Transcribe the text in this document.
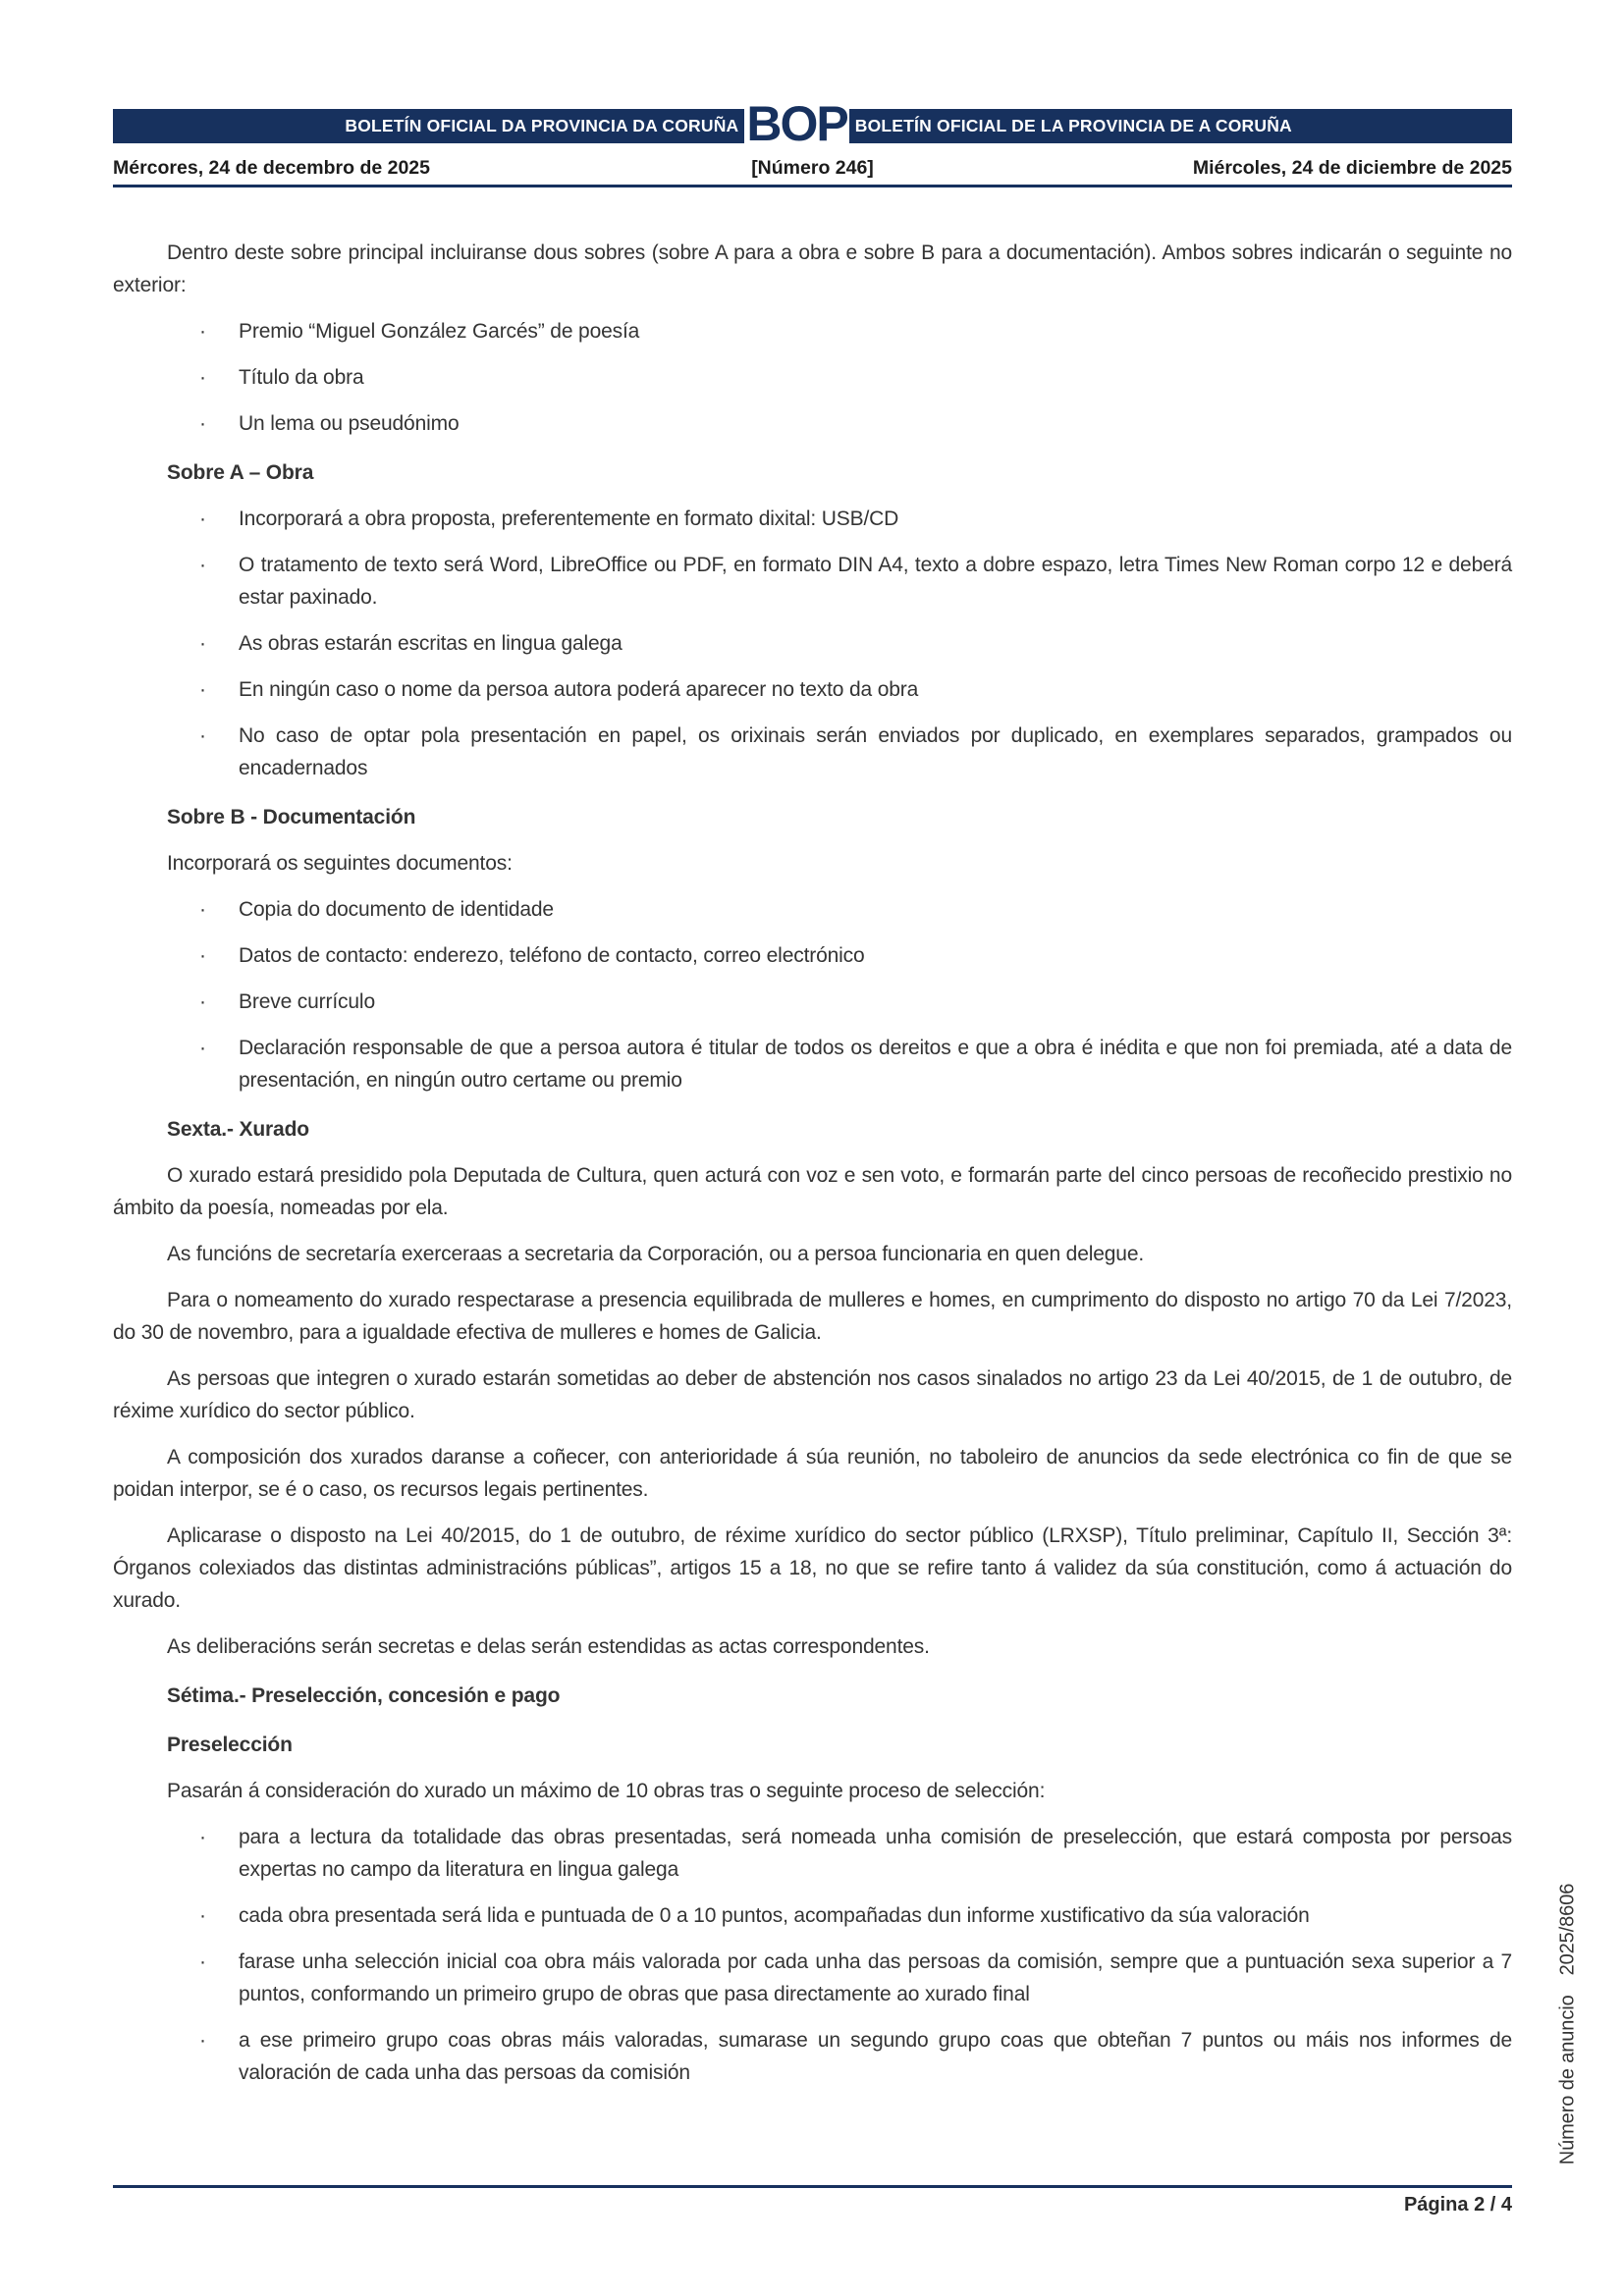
BOLETÍN OFICIAL DA PROVINCIA DA CORUÑA BOP BOLETÍN OFICIAL DE LA PROVINCIA DE A CORUÑA
Mércores, 24 de decembro de 2025	[Número 246]	Miércoles, 24 de diciembre de 2025

Dentro deste sobre principal incluiranse dous sobres (sobre A para a obra e sobre B para a documentación). Ambos sobres indicarán o seguinte no exterior:

·	Premio “Miguel González Garcés” de poesía
·	Título da obra
·	Un lema ou pseudónimo

Sobre A – Obra

·	Incorporará a obra proposta, preferentemente en formato dixital: USB/CD
·	O tratamento de texto será Word, LibreOffice ou PDF, en formato DIN A4, texto a dobre espazo, letra Times New Roman corpo 12 e deberá estar paxinado.
·	As obras estarán escritas en lingua galega
·	En ningún caso o nome da persoa autora poderá aparecer no texto da obra
·	No caso de optar pola presentación en papel, os orixinais serán enviados por duplicado, en exemplares separados, grampados ou encadernados

Sobre B - Documentación

Incorporará os seguintes documentos:

·	Copia do documento de identidade
·	Datos de contacto: enderezo, teléfono de contacto, correo electrónico
·	Breve currículo
·	Declaración responsable de que a persoa autora é titular de todos os dereitos e que a obra é inédita e que non foi premiada, até a data de presentación, en ningún outro certame ou premio

Sexta.- Xurado

O xurado estará presidido pola Deputada de Cultura, quen acturá con voz e sen voto, e formarán parte del cinco persoas de recoñecido prestixio no ámbito da poesía, nomeadas por ela.

As funcións de secretaría exerceraas a secretaria da Corporación, ou a persoa funcionaria en quen delegue.

Para o nomeamento do xurado respectarase a presencia equilibrada de mulleres e homes, en cumprimento do disposto no artigo 70 da Lei 7/2023, do 30 de novembro, para a igualdade efectiva de mulleres e homes de Galicia.

As persoas que integren o xurado estarán sometidas ao deber de abstención nos casos sinalados no artigo 23 da Lei 40/2015, de 1 de outubro, de réxime xurídico do sector público.

A composición dos xurados daranse a coñecer, con anterioridade á súa reunión, no taboleiro de anuncios da sede electrónica co fin de que se poidan interpor, se é o caso, os recursos legais pertinentes.

Aplicarase o disposto na Lei 40/2015, do 1 de outubro, de réxime xurídico do sector público (LRXSP), Título preliminar, Capítulo II, Sección 3ª: Órganos colexiados das distintas administracións públicas”, artigos 15 a 18, no que se refire tanto á validez da súa constitución, como á actuación do xurado.

As deliberacións serán secretas e delas serán estendidas as actas correspondentes.

Sétima.- Preselección, concesión e pago

Preselección

Pasarán á consideración do xurado un máximo de 10 obras tras o seguinte proceso de selección:

·	para a lectura da totalidade das obras presentadas, será nomeada unha comisión de preselección, que estará composta por persoas expertas no campo da literatura en lingua galega
·	cada obra presentada será lida e puntuada de 0 a 10 puntos, acompañadas dun informe xustificativo da súa valoración
·	farase unha selección inicial coa obra máis valorada por cada unha das persoas da comisión, sempre que a puntuación sexa superior a 7 puntos, conformando un primeiro grupo de obras que pasa directamente ao xurado final
·	a ese primeiro grupo coas obras máis valoradas, sumarase un segundo grupo coas que obteñan 7 puntos ou máis nos informes de valoración de cada unha das persoas da comisión	Número de anuncio2025/8606
Página 2 / 4
